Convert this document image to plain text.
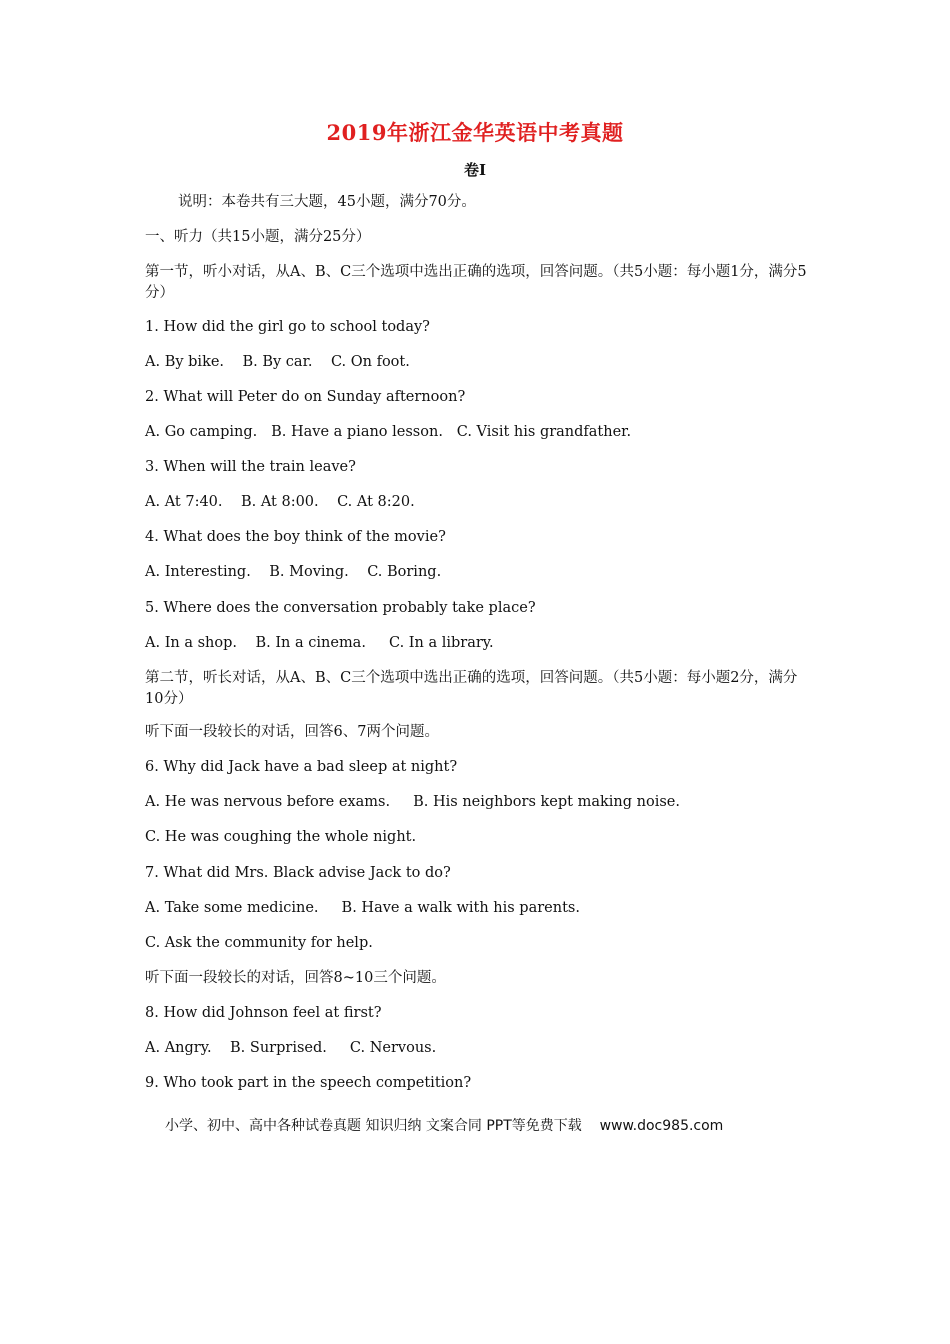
2019年浙江金华英语中考真题
卷I
说明：本卷共有三大题，45小题，满分70分。
一、听力（共15小题，满分25分）
第一节，听小对话，从A、B、C三个选项中选出正确的选项，回答问题。（共5小题：每小题1分，满分5分）
1. How did the girl go to school today?
A. By bike.    B. By car.    C. On foot.
2. What will Peter do on Sunday afternoon?
A. Go camping.   B. Have a piano lesson.   C. Visit his grandfather.
3. When will the train leave?
A. At 7:40.    B. At 8:00.    C. At 8:20.
4. What does the boy think of the movie?
A. Interesting.    B. Moving.    C. Boring.
5. Where does the conversation probably take place?
A. In a shop.    B. In a cinema.     C. In a library.
第二节，听长对话，从A、B、C三个选项中选出正确的选项，回答问题。（共5小题：每小题2分，满分10分）
听下面一段较长的对话，回答6、7两个问题。
6. Why did Jack have a bad sleep at night?
A. He was nervous before exams.     B. His neighbors kept making noise.
C. He was coughing the whole night.
7. What did Mrs. Black advise Jack to do?
A. Take some medicine.     B. Have a walk with his parents.
C. Ask the community for help.
听下面一段较长的对话，回答8~10三个问题。
8. How did Johnson feel at first?
A. Angry.    B. Surprised.     C. Nervous.
9. Who took part in the speech competition?
小学、初中、高中各种试卷真题 知识归纳 文案合同 PPT等免费下载    www.doc985.com
